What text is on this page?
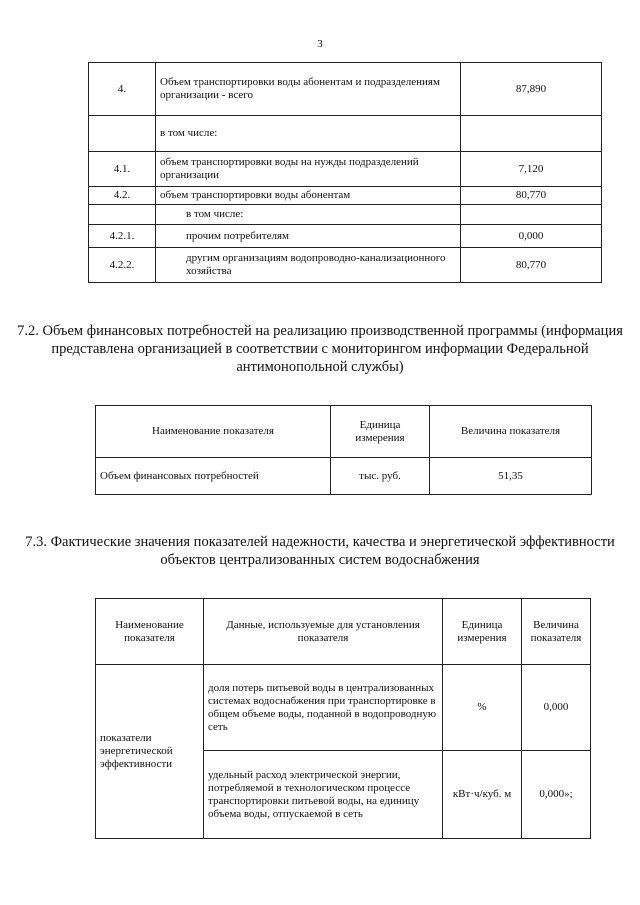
3
4.	Объем транспортировки воды абонентам и подразделениям организации - всего	87,890
	в том числе:	
4.1.	объем транспортировки воды на нужды подразделений организации	7,120
4.2.	объем транспортировки воды абонентам	80,770
	в том числе:	
4.2.1.	прочим потребителям	0,000
4.2.2.	другим организациям водопроводно-канализационного хозяйства	80,770
7.2. Объем финансовых потребностей на реализацию производственной программы (информация представлена организацией в соответствии с мониторингом информации Федеральной антимонопольной службы)
Наименование показателя	Единица измерения	Величина показателя
Объем финансовых потребностей	тыс. руб.	51,35
7.3. Фактические значения показателей надежности, качества и энергетической эффективности объектов централизованных систем водоснабжения
Наименование показателя	Данные, используемые для установления показателя	Единица измерения	Величина показателя
показатели энергетической эффективности	доля потерь питьевой воды в централизованных системах водоснабжения при транспортировке в общем объеме воды, поданной в водопроводную сеть	%	0,000
	удельный расход электрической энергии, потребляемой в технологическом процессе транспортировки питьевой воды, на единицу объема воды, отпускаемой в сеть	кВт·ч/куб. м	0,000»;
